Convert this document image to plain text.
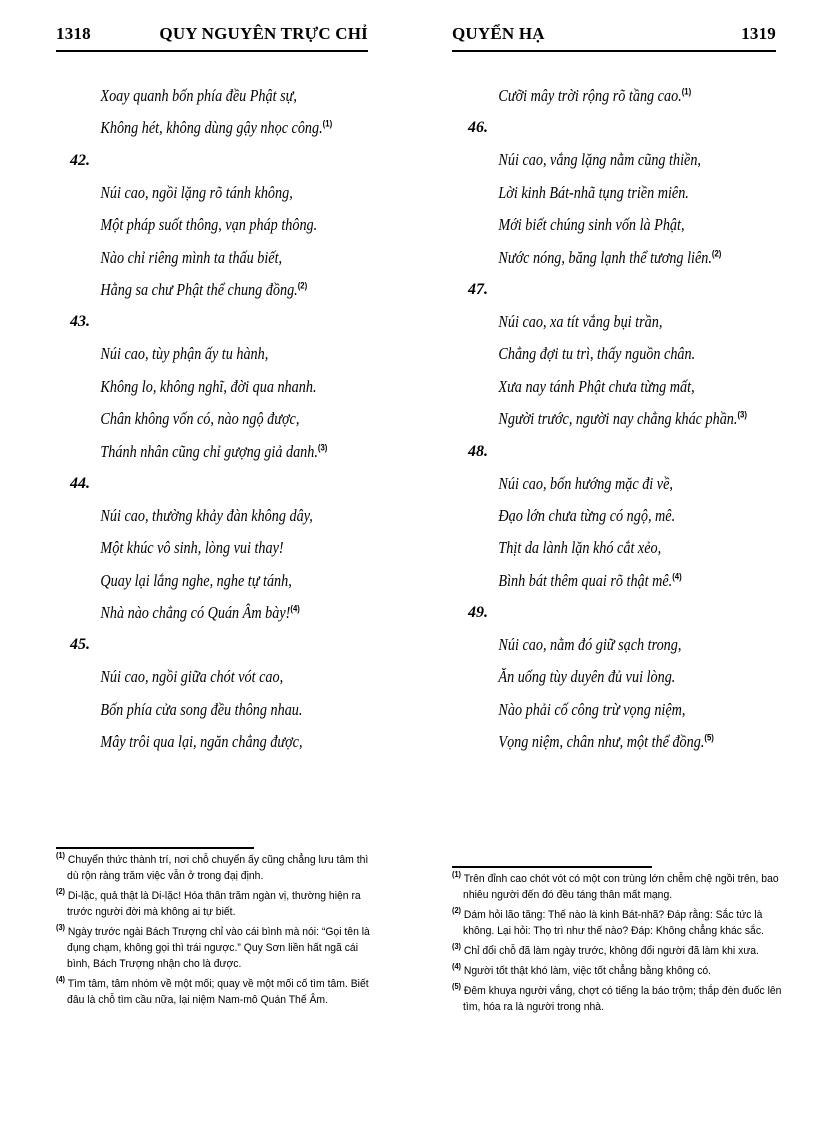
1318	QUY NGUYÊN TRỰC CHỈ
Xoay quanh bốn phía đều Phật sự,
Không hét, không dùng gậy nhọc công.$^{(1)}$
42.
Núi cao, ngồi lặng rõ tánh không,
Một pháp suốt thông, vạn pháp thông.
Nào chỉ riêng mình ta thấu biết,
Hằng sa chư Phật thể chung đồng.$^{(2)}$
43.
Núi cao, tùy phận ấy tu hành,
Không lo, không nghĩ, đời qua nhanh.
Chân không vốn có, nào ngộ được,
Thánh nhân cũng chỉ gượng giả danh.$^{(3)}$
44.
Núi cao, thường khảy đàn không dây,
Một khúc vô sinh, lòng vui thay!
Quay lại lắng nghe, nghe tự tánh,
Nhà nào chẳng có Quán Âm bày!$^{(4)}$
45.
Núi cao, ngồi giữa chót vót cao,
Bốn phía cửa song đều thông nhau.
Mây trôi qua lại, ngăn chẳng được,
$^{(1)}$ Chuyển thức thành trí, nơi chỗ chuyển ấy cũng chẳng lưu tâm thì dù rộn ràng trăm việc vẫn ở trong đạị định.
$^{(2)}$ Di-lặc, quả thật là Di-lặc! Hóa thân trăm ngàn vị, thường hiện ra trước người đời mà không ai tự biết.
$^{(3)}$ Ngày trước ngài Bách Trượng chỉ vào cái bình mà nói: “Gọi tên là đụng chạm, không gọi thì trái ngược.” Quy Sơn liền hất ngã cái bình, Bách Trượng nhận cho là được.
$^{(4)}$ Tìm tâm, tâm nhóm về một mối; quay về một mối cố tìm tâm. Biết đâu là chỗ tìm cầu nữa, lại niệm Nam-mô Quán Thế Âm.
QUYỂN HẠ	1319
Cưỡi mây trời rộng rõ tầng cao.$^{(1)}$
46.
Núi cao, vắng lặng nằm cũng thiền,
Lời kinh Bát-nhã tụng triền miên.
Mới biết chúng sinh vốn là Phật,
Nước nóng, băng lạnh thể tương liên.$^{(2)}$
47.
Núi cao, xa tít vắng bụi trần,
Chẳng đợi tu trì, thấy nguồn chân.
Xưa nay tánh Phật chưa từng mất,
Người trước, người nay chẳng khác phần.$^{(3)}$
48.
Núi cao, bốn hướng mặc đi về,
Đạo lớn chưa từng có ngộ, mê.
Thịt da lành lặn khó cắt xẻo,
Bình bát thêm quai rõ thật mê.$^{(4)}$
49.
Núi cao, nằm đó giữ sạch trong,
Ăn uống tùy duyên đủ vui lòng.
Nào phải cố công trừ vọng niệm,
Vọng niệm, chân như, một thể đồng.$^{(5)}$
$^{(1)}$ Trên đỉnh cao chót vót có một con trùng lớn chễm chệ ngồi trên, bao nhiêu người đến đó đều táng thân mất mạng.
$^{(2)}$ Dám hỏi lão tăng: Thế nào là kinh Bát-nhã? Đáp rằng: Sắc tức là không. Lại hỏi: Thọ trì như thế nào? Đáp: Không chẳng khác sắc.
$^{(3)}$ Chỉ đổi chỗ đã làm ngày trước, không đổi người đã làm khi xưa.
$^{(4)}$ Người tốt thật khó làm, việc tốt chẳng bằng không có.
$^{(5)}$ Đêm khuya người vắng, chợt có tiếng la báo trộm; thắp đèn đuốc lên tìm, hóa ra là người trong nhà.
